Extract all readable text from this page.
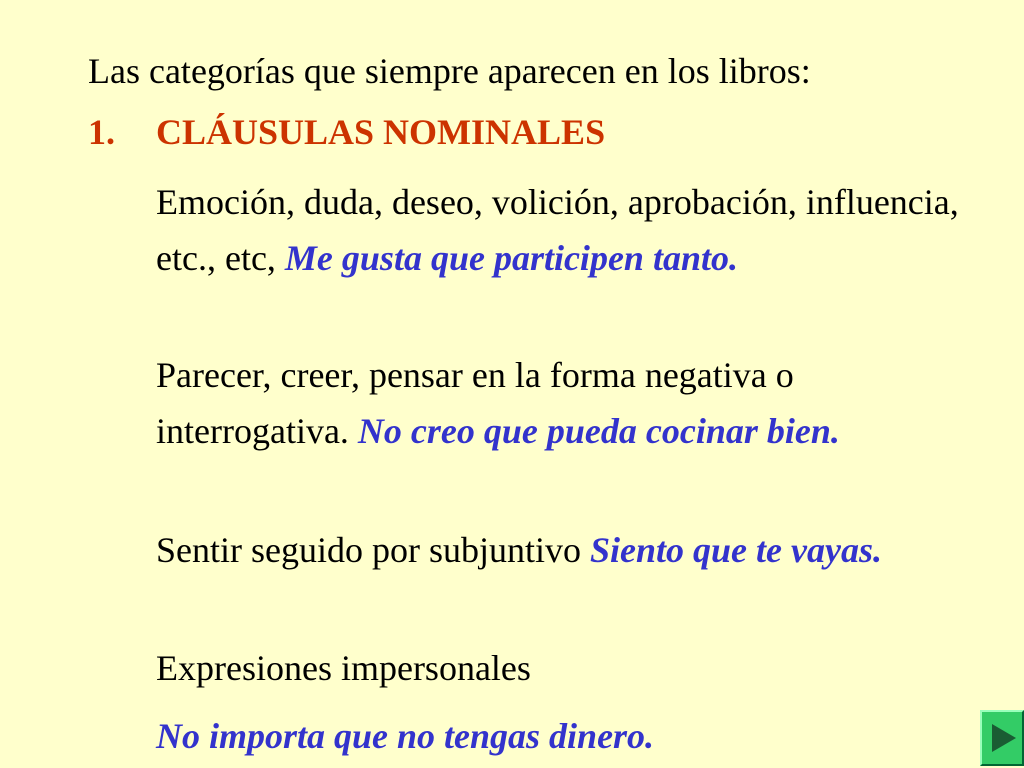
Las categorías que siempre aparecen en los libros:
1. CLÁUSULAS NOMINALES
Emoción, duda, deseo, volición, aprobación, influencia, etc., etc, Me gusta que participen tanto.
Parecer, creer, pensar en la forma negativa o interrogativa. No creo que pueda cocinar bien.
Sentir seguido por subjuntivo Siento que te vayas.
Expresiones impersonales
No importa que no tengas dinero.
